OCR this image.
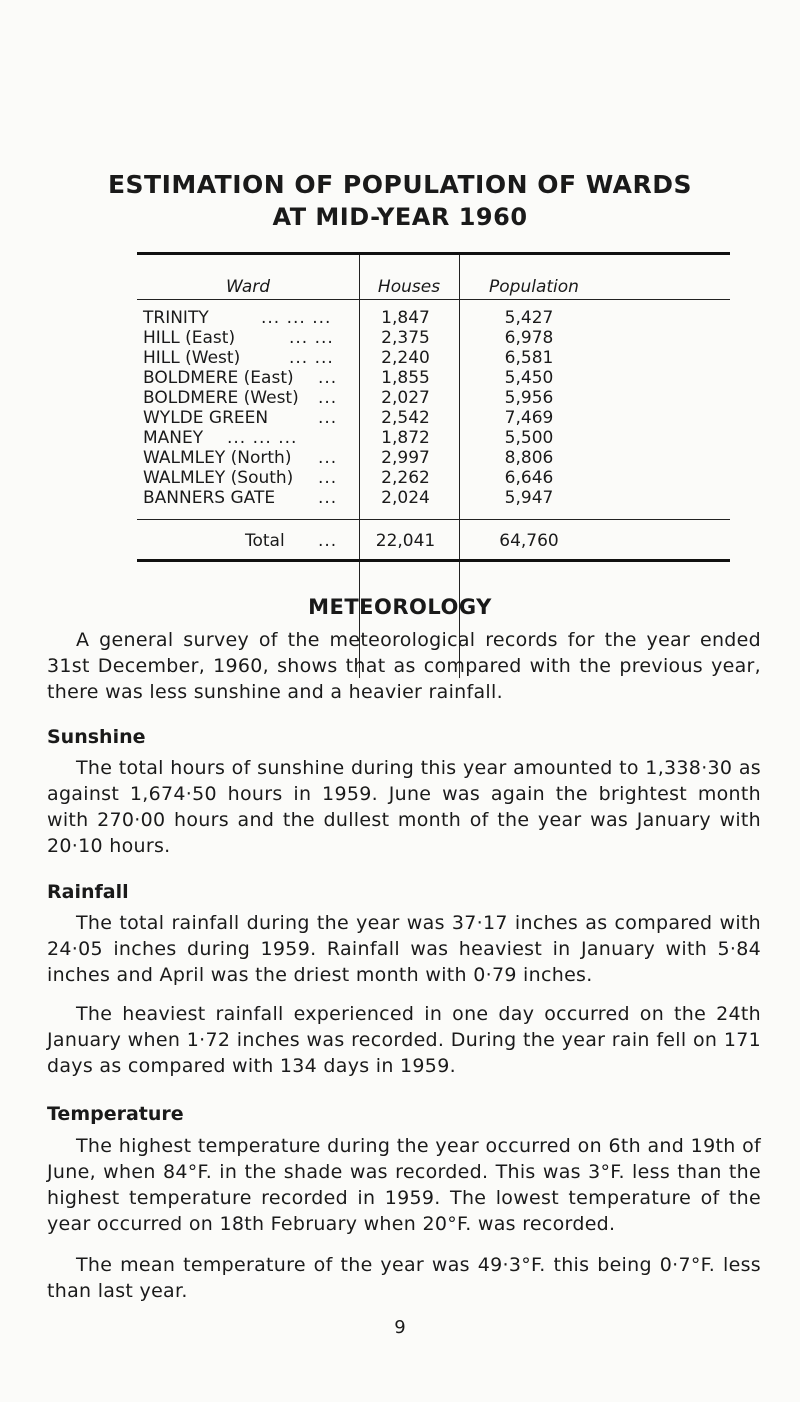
ESTIMATION OF POPULATION OF WARDS
AT MID-YEAR 1960
Ward	Houses	Population
TRINITY	... ... ...	1,847	5,427
HILL (East)	... ...	2,375	6,978
HILL (West)	... ...	2,240	6,581
BOLDMERE (East) ...	1,855	5,450
BOLDMERE (West) ...	2,027	5,956
WYLDE GREEN	...	2,542	7,469
MANEY ... ... ...	1,872	5,500
WALMLEY (North) ...	2,997	8,806
WALMLEY (South) ...	2,262	6,646
BANNERS GATE	...	2,024	5,947
Total ...	22,041	64,760
METEOROLOGY
A general survey of the meteorological records for the year ended 31st December, 1960, shows that as compared with the previous year, there was less sunshine and a heavier rainfall.
Sunshine
The total hours of sunshine during this year amounted to 1,338·30 as against 1,674·50 hours in 1959. June was again the brightest month with 270·00 hours and the dullest month of the year was January with 20·10 hours.
Rainfall
The total rainfall during the year was 37·17 inches as compared with 24·05 inches during 1959. Rainfall was heaviest in January with 5·84 inches and April was the driest month with 0·79 inches.
The heaviest rainfall experienced in one day occurred on the 24th January when 1·72 inches was recorded. During the year rain fell on 171 days as compared with 134 days in 1959.
Temperature
The highest temperature during the year occurred on 6th and 19th of June, when 84°F. in the shade was recorded. This was 3°F. less than the highest temperature recorded in 1959. The lowest temperature of the year occurred on 18th February when 20°F. was recorded.
The mean temperature of the year was 49·3°F. this being 0·7°F. less than last year.
9
